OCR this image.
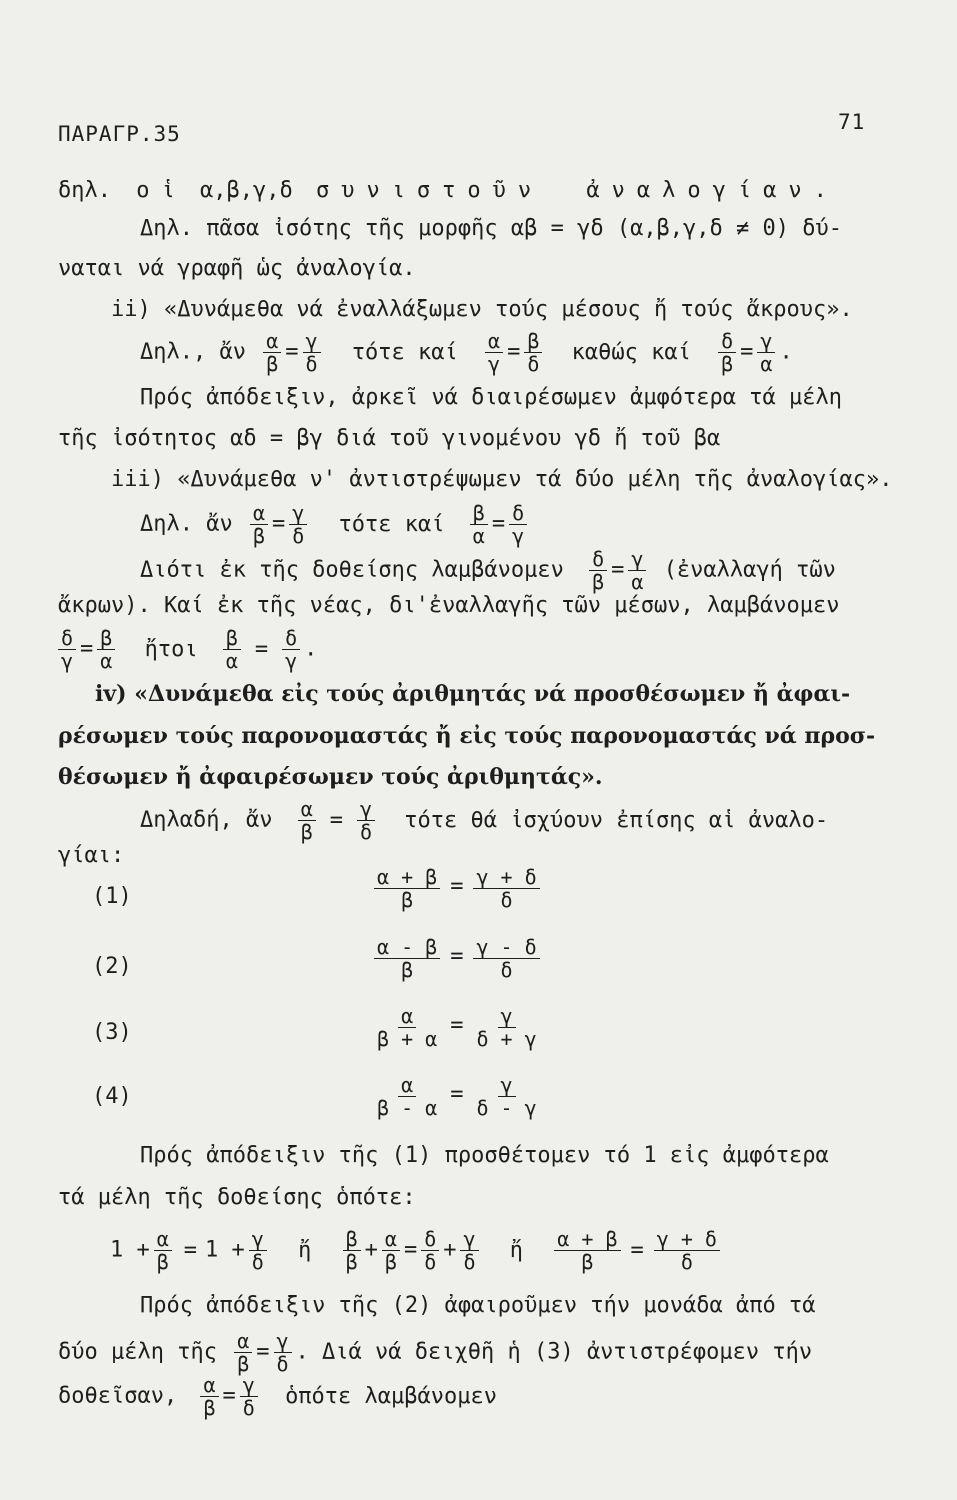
ΠΑΡΑΓΡ.35	71
δηλ. οἱ α,β,γ,δ συνιστοῦν ἀναλογίαν.
Δηλ. πᾶσα ἰσότης τῆς μορφῆς αβ = γδ (α,β,γ,δ ≠ 0) δύ-
ναται νά γραφῆ ὡς ἀναλογία.
ii) «Δυνάμεθα νά ἐναλλάξωμεν τούς μέσους ἤ τούς ἄκρους».
Δηλ., ἄν $\frac{\alpha}{\beta} = \frac{\gamma}{\delta}$ τότε καί $\frac{\alpha}{\gamma} = \frac{\beta}{\delta}$ καθώς καί $\frac{\delta}{\beta} = \frac{\gamma}{\alpha}$ .
Πρός ἀπόδειξιν, ἀρκεῖ νά διαιρέσωμεν ἀμφότερα τά μέλη
τῆς ἰσότητος αδ = βγ διά τοῦ γινομένου γδ ἤ τοῦ βα
iii) «Δυνάμεθα ν' ἀντιστρέψωμεν τά δύο μέλη τῆς ἀναλογίας».
Δηλ. ἄν $\frac{\alpha}{\beta} = \frac{\gamma}{\delta}$ τότε καί $\frac{\beta}{\alpha} = \frac{\delta}{\gamma}$
Διότι ἐκ τῆς δοθείσης λαμβάνομεν $\frac{\delta}{\beta} = \frac{\gamma}{\alpha}$ (ἐναλλαγή τῶν
ἄκρων). Καί ἐκ τῆς νέας, δι'ἐναλλαγῆς τῶν μέσων, λαμβάνομεν
$\frac{\delta}{\gamma} = \frac{\beta}{\alpha}$ ἤτοι $\frac{\beta}{\alpha} = \frac{\delta}{\gamma}$ .
iv) «Δυνάμεθα εἰς τούς ἀριθμητάς νά προσθέσωμεν ἤ ἀφαι-
ρέσωμεν τούς παρονομαστάς ἤ εἰς τούς παρονομαστάς νά προσ-
θέσωμεν ἤ ἀφαιρέσωμεν τούς ἀριθμητάς».
Δηλαδή, ἄν $\frac{\alpha}{\beta} = \frac{\gamma}{\delta}$ τότε θά ἰσχύουν ἐπίσης αἱ ἀναλο-
γίαι:
(1)	$\frac{\alpha + \beta}{\beta} = \frac{\gamma + \delta}{\delta}$
(2)	$\frac{\alpha - \beta}{\beta} = \frac{\gamma - \delta}{\delta}$
(3)	$\frac{\alpha}{\beta + \alpha} = \frac{\gamma}{\delta + \gamma}$
(4)	$\frac{\alpha}{\beta - \alpha} = \frac{\gamma}{\delta - \gamma}$
Πρός ἀπόδειξιν τῆς (1) προσθέτομεν τό 1 εἰς ἀμφότερα
τά μέλη τῆς δοθείσης ὁπότε:
$1 + \frac{\alpha}{\beta} = 1 + \frac{\gamma}{\delta}$ ἤ $\frac{\beta}{\beta} + \frac{\alpha}{\beta} = \frac{\delta}{\delta} + \frac{\gamma}{\delta}$ ἤ $\frac{\alpha + \beta}{\beta} = \frac{\gamma + \delta}{\delta}$
Πρός ἀπόδειξιν τῆς (2) ἀφαιροῦμεν τήν μονάδα ἀπό τά
δύο μέλη τῆς $\frac{\alpha}{\beta} = \frac{\gamma}{\delta}$ . Διά νά δειχθῆ ἡ (3) ἀντιστρέφομεν τήν
δοθεῖσαν, $\frac{\alpha}{\beta} = \frac{\gamma}{\delta}$ ὁπότε λαμβάνομεν
